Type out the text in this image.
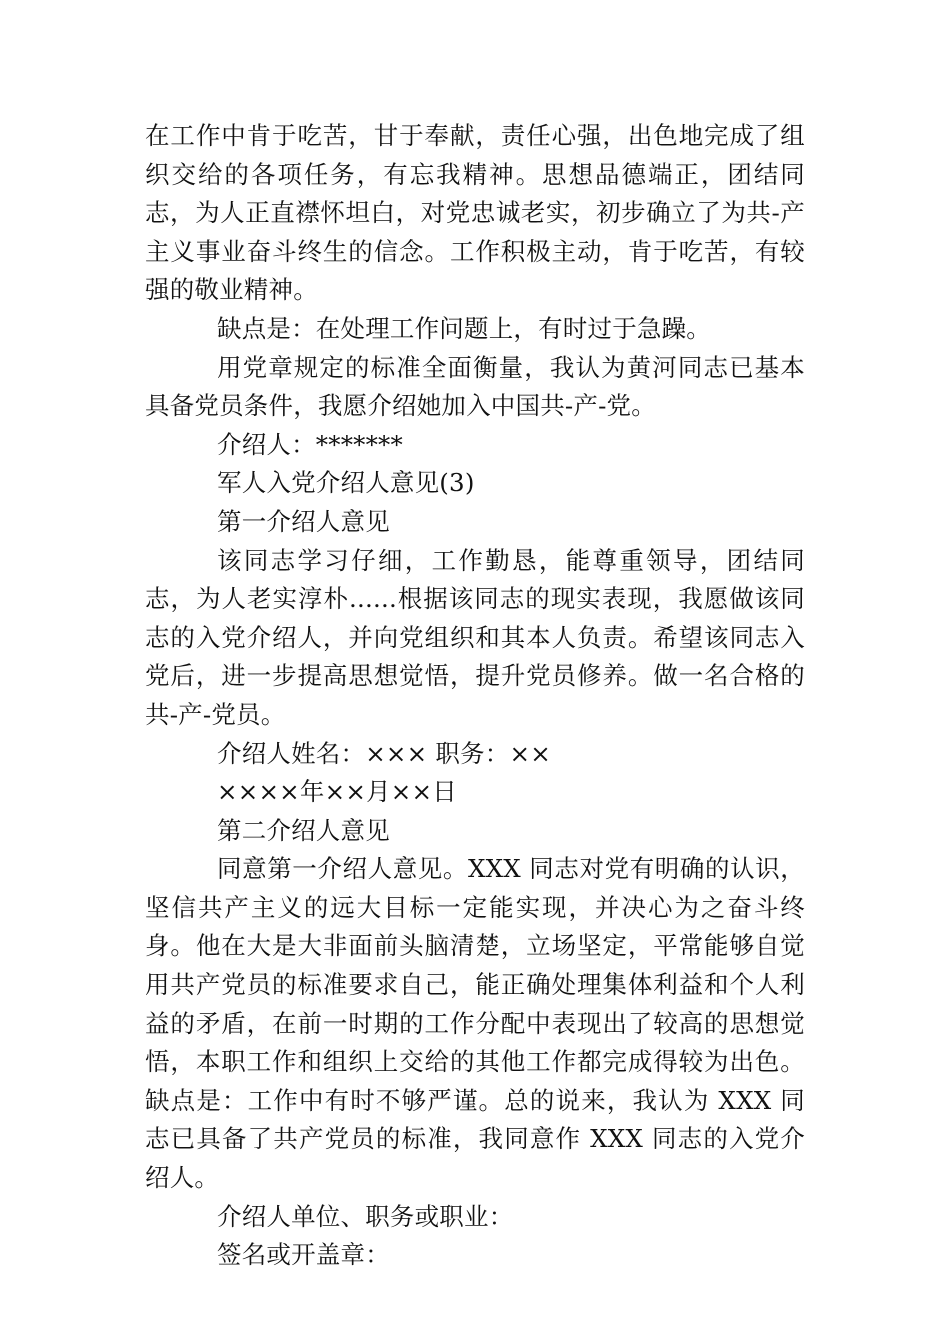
在工作中肯于吃苦，甘于奉献，责任心强，出色地完成了组织交给的各项任务，有忘我精神。思想品德端正，团结同志，为人正直襟怀坦白，对党忠诚老实，初步确立了为共-产主义事业奋斗终生的信念。工作积极主动，肯于吃苦，有较强的敬业精神。

缺点是：在处理工作问题上，有时过于急躁。

用党章规定的标准全面衡量，我认为黄河同志已基本具备党员条件，我愿介绍她加入中国共-产-党。

介绍人：*******

军人入党介绍人意见(3)

第一介绍人意见

该同志学习仔细，工作勤恳，能尊重领导，团结同志，为人老实淳朴......根据该同志的现实表现，我愿做该同志的入党介绍人，并向党组织和其本人负责。希望该同志入党后，进一步提高思想觉悟，提升党员修养。做一名合格的共-产-党员。

介绍人姓名：××× 职务：××

××××年××月××日

第二介绍人意见

同意第一介绍人意见。XXX 同志对党有明确的认识，坚信共产主义的远大目标一定能实现，并决心为之奋斗终身。他在大是大非面前头脑清楚，立场坚定，平常能够自觉用共产党员的标准要求自己，能正确处理集体利益和个人利益的矛盾，在前一时期的工作分配中表现出了较高的思想觉悟，本职工作和组织上交给的其他工作都完成得较为出色。缺点是：工作中有时不够严谨。总的说来，我认为 XXX 同志已具备了共产党员的标准，我同意作 XXX 同志的入党介绍人。

介绍人单位、职务或职业：

签名或开盖章：
